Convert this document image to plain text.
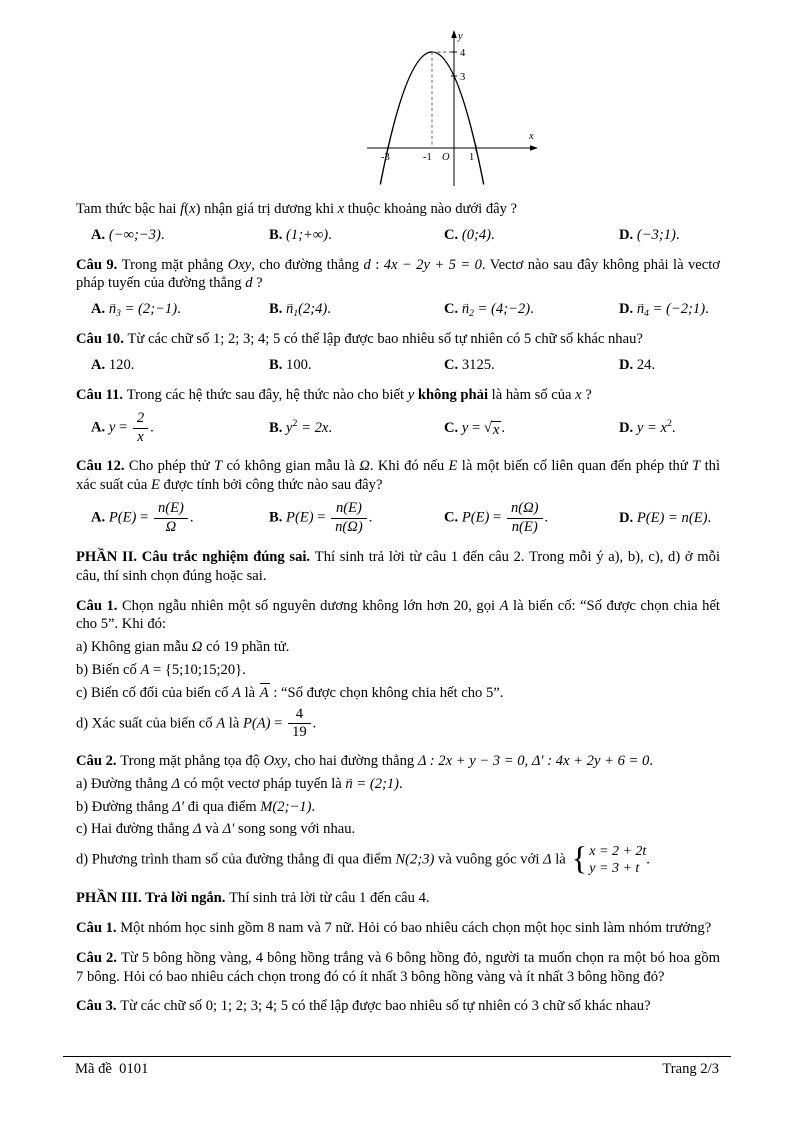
y
x
O
-3	-1	1
3
4

Tam thức bậc hai f(x) nhận giá trị dương khi x thuộc khoảng nào dưới đây ?

A. (−∞;−3).	B. (1;+∞).	C. (0;4).	D. (−3;1).

Câu 9. Trong mặt phẳng Oxy, cho đường thẳng d : 4x − 2y + 5 = 0. Vectơ nào sau đây không phải là vectơ pháp tuyến của đường thẳng d ?

A. → $n_3$ = (2;−1).	B. → $n_1(2;4)$.	C. → $n_2$ = (4;−2).	D. → $n_4$ = (−2;1).

Câu 10. Từ các chữ số 1; 2; 3; 4; 5 có thể lập được bao nhiêu số tự nhiên có 5 chữ số khác nhau?

A. 120.	B. 100.	C. 3125.	D. 24.

Câu 11. Trong các hệ thức sau đây, hệ thức nào cho biết y không phải là hàm số của x ?

A. $y = \frac{2}{x}$ .	B. $y^2 = 2x$.	C. y = √ x .	D. $y = x^2$.

Câu 12. Cho phép thử T có không gian mẫu là Ω. Khi đó nếu E là một biến cố liên quan đến phép thử T thì xác suất của E được tính bởi công thức nào sau đây?

A. $P(E) = \frac{n(E)}{\Omega}$ .	B. $P(E) = \frac{n(E)}{n(\Omega)}$ .	C. $P(E) = \frac{n(\Omega)}{n(E)}$ .	D. P(E) = n(E).

PHẦN II. Câu trắc nghiệm đúng sai. Thí sinh trả lời từ câu 1 đến câu 2. Trong mỗi ý a), b), c), d) ở mỗi câu, thí sinh chọn đúng hoặc sai.

Câu 1. Chọn ngẫu nhiên một số nguyên dương không lớn hơn 20, gọi A là biến cố: “Số được chọn chia hết cho 5”. Khi đó:

a) Không gian mẫu Ω có 19 phần tử.

b) Biến cố A = {5;10;15;20}.

c) Biến cố đối của biến cố A là A : “Số được chọn không chia hết cho 5”.

d) Xác suất của biến cố A là $P(A) = \frac{4}{19}$ .

Câu 2. Trong mặt phẳng tọa độ Oxy, cho hai đường thẳng Δ : 2x + y − 3 = 0, Δ′ : 4x + 2y + 6 = 0.

a) Đường thẳng Δ có một vectơ pháp tuyến là → n = (2;1).

b) Đường thẳng Δ′ đi qua điểm M(2;−1).

c) Hai đường thẳng Δ và Δ′ song song với nhau.

d) Phương trình tham số của đường thẳng đi qua điểm N(2;3) và vuông góc với Δ là { x = 2 + 2t
y = 3 + t
.

PHẦN III. Trả lời ngắn. Thí sinh trả lời từ câu 1 đến câu 4.

Câu 1. Một nhóm học sinh gồm 8 nam và 7 nữ. Hỏi có bao nhiêu cách chọn một học sinh làm nhóm trưởng?

Câu 2. Từ 5 bông hồng vàng, 4 bông hồng trắng và 6 bông hồng đỏ, người ta muốn chọn ra một bó hoa gồm 7 bông. Hỏi có bao nhiêu cách chọn trong đó có ít nhất 3 bông hồng vàng và ít nhất 3 bông hồng đỏ?

Câu 3. Từ các chữ số 0; 1; 2; 3; 4; 5 có thể lập được bao nhiêu số tự nhiên có 3 chữ số khác nhau?

Mã đề  0101	Trang 2/3
